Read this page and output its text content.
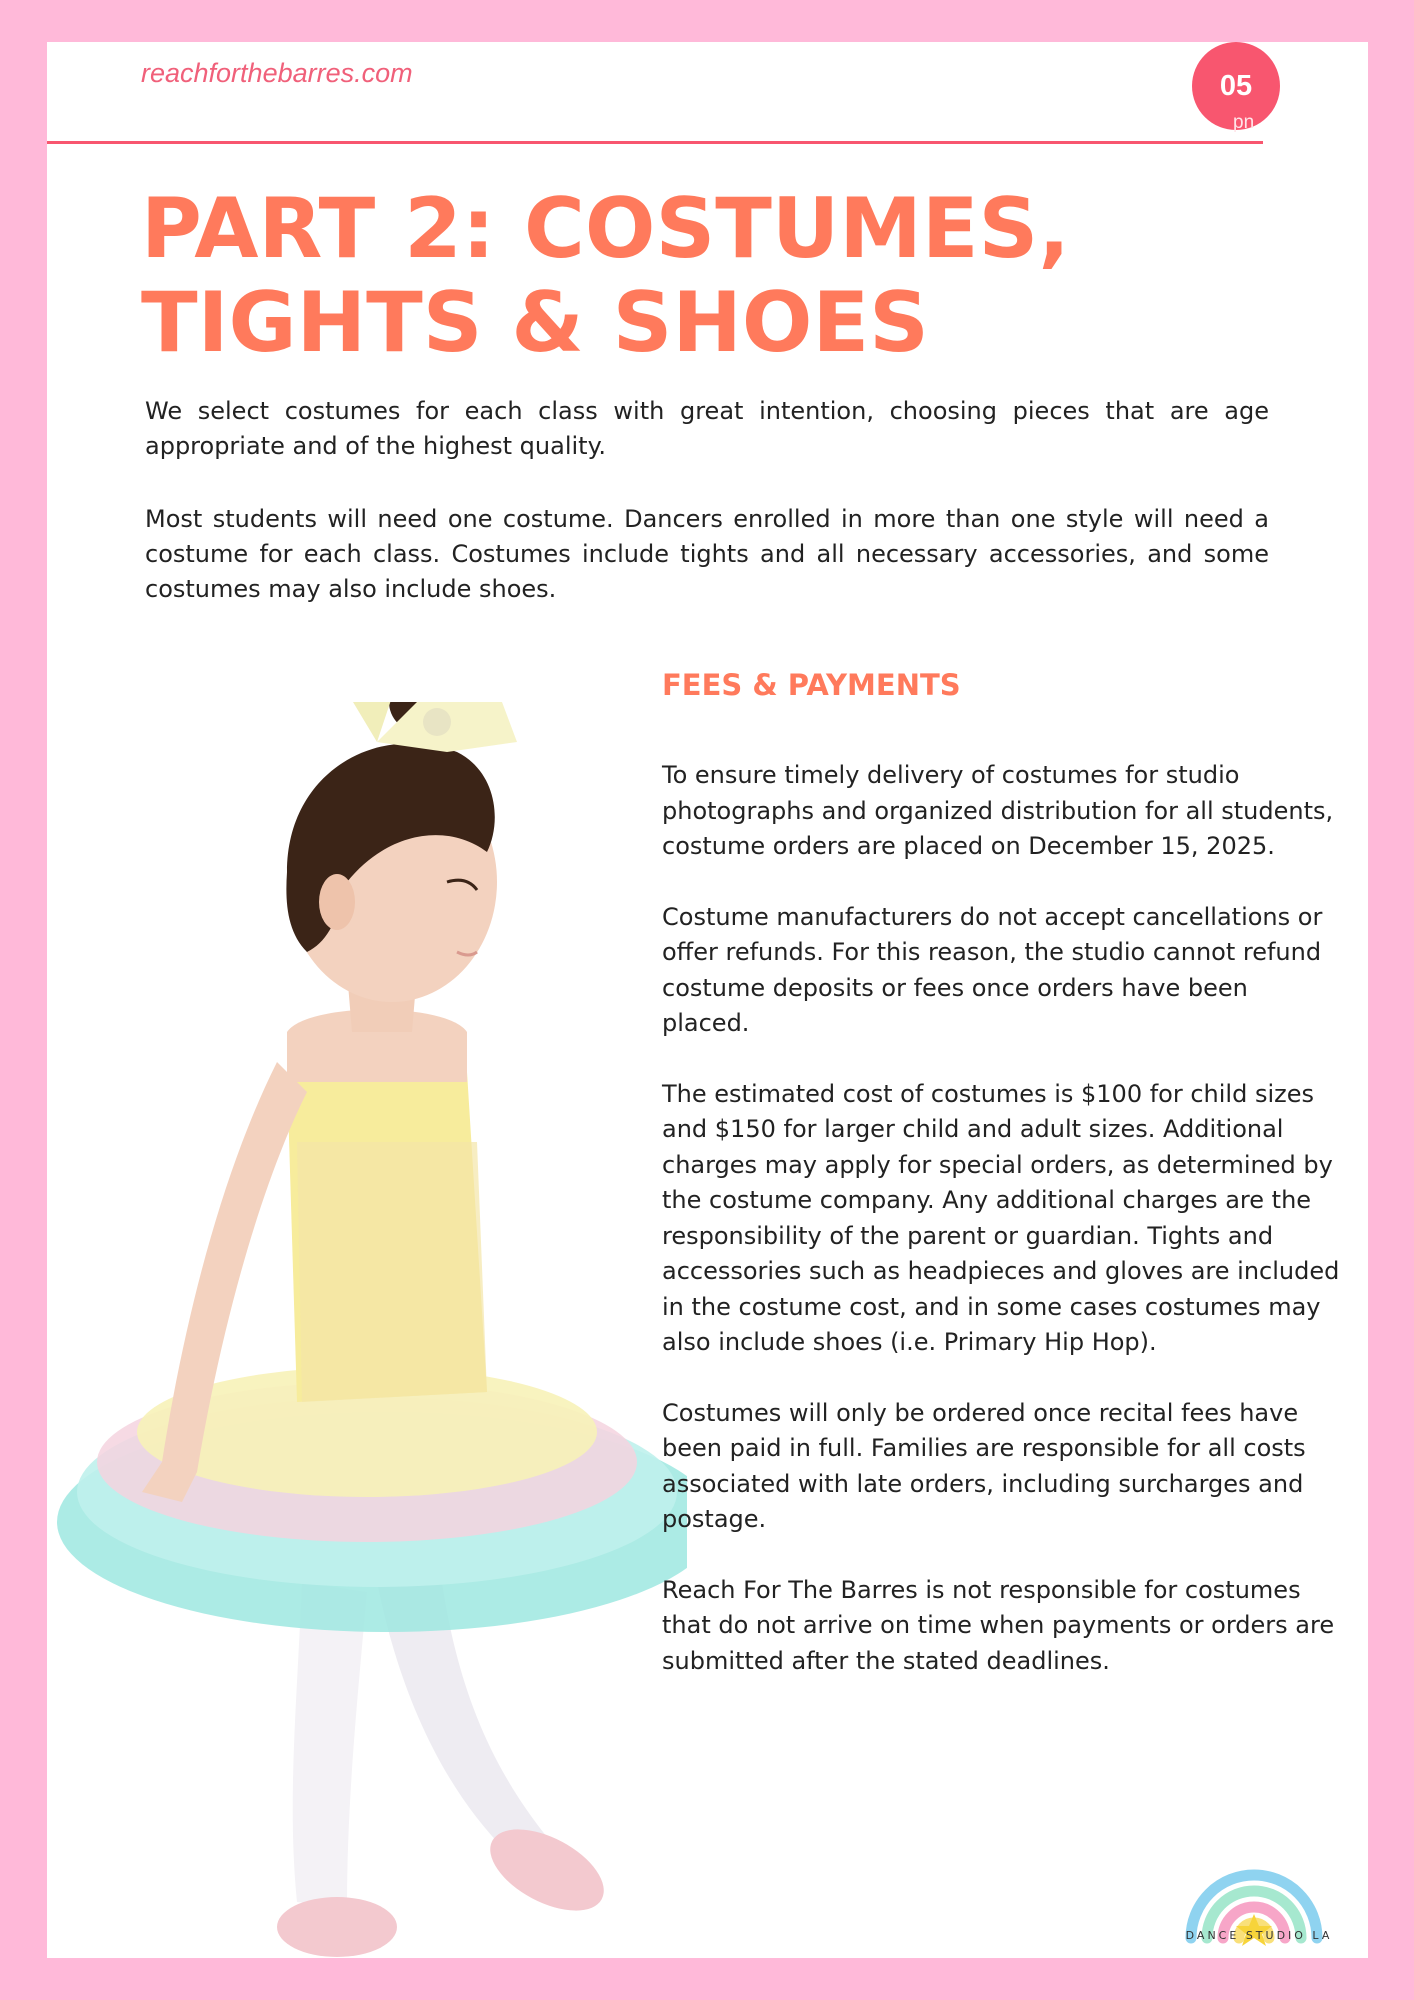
reachforthebarres.com	05
pn
PART 2: COSTUMES, TIGHTS & SHOES

We select costumes for each class with great intention, choosing pieces that are age appropriate and of the highest quality.

Most students will need one costume. Dancers enrolled in more than one style will need a costume for each class. Costumes include tights and all necessary accessories, and some costumes may also include shoes.

FEES & PAYMENTS

To ensure timely delivery of costumes for studio photographs and organized distribution for all students, costume orders are placed on December 15, 2025.

Costume manufacturers do not accept cancellations or offer refunds. For this reason, the studio cannot refund costume deposits or fees once orders have been placed.

The estimated cost of costumes is $100 for child sizes and $150 for larger child and adult sizes. Additional charges may apply for special orders, as determined by the costume company. Any additional charges are the responsibility of the parent or guardian. Tights and accessories such as headpieces and gloves are included in the costume cost, and in some cases costumes may also include shoes (i.e. Primary Hip Hop).

Costumes will only be ordered once recital fees have been paid in full. Families are responsible for all costs associated with late orders, including surcharges and postage.

Reach For The Barres is not responsible for costumes that do not arrive on time when payments or orders are submitted after the stated deadlines.

DANCE STUDIO LA
